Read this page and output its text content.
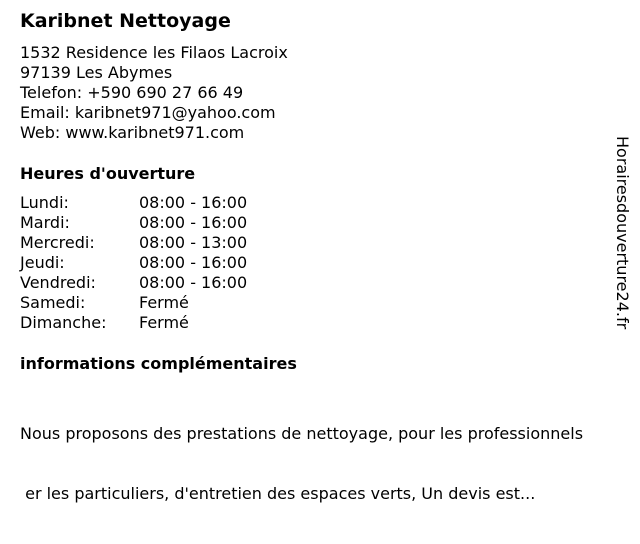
Karibnet Nettoyage
1532 Residence les Filaos Lacroix
97139 Les Abymes
Telefon: +590 690 27 66 49
Email: karibnet971@yahoo.com
Web: www.karibnet971.com
Heures d'ouverture
Lundi:	08:00 - 16:00
Mardi:	08:00 - 16:00
Mercredi:	08:00 - 13:00
Jeudi:	08:00 - 16:00
Vendredi:	08:00 - 16:00
Samedi:	Fermé
Dimanche: Fermé
informations complémentaires

Nous proposons des prestations de nettoyage, pour les professionnels

er les particuliers, d'entretien des espaces verts, Un devis est...

Horairesdouverture24.fr
